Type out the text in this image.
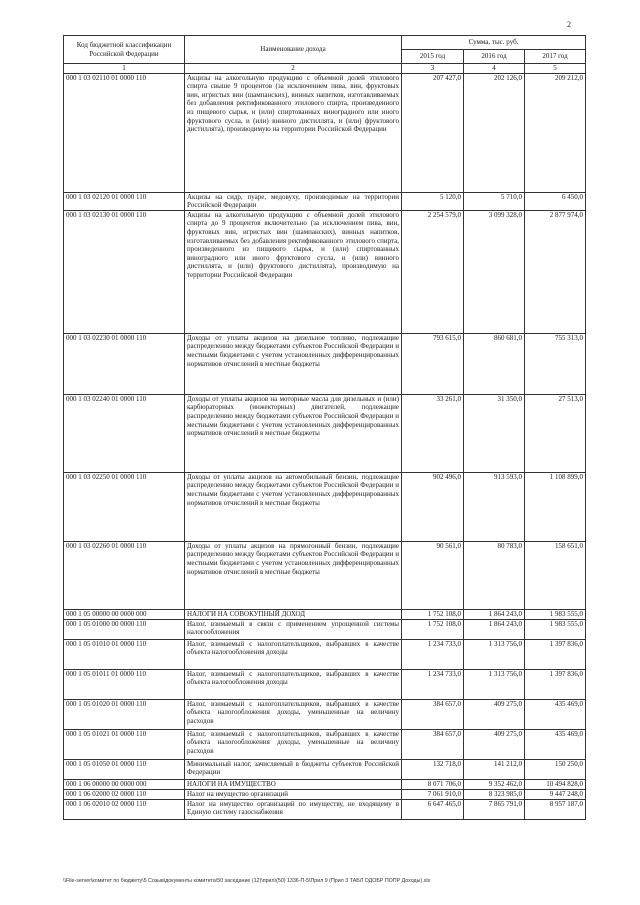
2
Код бюджетной классификации Российской Федерации	Наименование дохода	Сумма, тыс. руб.		
		2015 год	2016 год	2017 год
1	2	3	4	5
000 1 03 02110 01 0000 110	Акцизы на алкогольную продукцию с объемной долей этилового спирта свыше 9 процентов (за исключением пива, вин, фруктовых вин, игристых вин (шампанских), винных напитков, изготавливаемых без добавления ректификованного этилового спирта, произведенного из пищевого сырья, и (или) спиртованных виноградного или иного фруктового сусла, и (или) винного дистиллята, и (или) фруктового дистиллята), производимую на территории Российской Федерации	207 427,0	202 126,0	209 212,0
000 1 03 02120 01 0000 110	Акцизы на сидр, пуаре, медовуху, производимые на территории Российской Федерации	5 120,0	5 710,0	6 450,0
000 1 03 02130 01 0000 110	Акцизы на алкогольную продукцию с объемной долей этилового спирта до 9 процентов включительно (за исключением пива, вин, фруктовых вин, игристых вин (шампанских), винных напитков, изготавливаемых без добавления ректификованного этилового спирта, произведенного из пищевого сырья, и (или) спиртованных виноградного или иного фруктового сусла, и (или) винного дистиллята, и (или) фруктового дистиллята), производимую на территории Российской Федерации	2 254 579,0	3 099 328,0	2 877 974,0
000 1 03 02230 01 0000 110	Доходы от уплаты акцизов на дизельное топливо, подлежащие распределению между бюджетами субъектов Российской Федерации и местными бюджетами с учетом установленных дифференцированных нормативов отчислений в местные бюджеты	793 615,0	860 681,0	755 313,0
000 1 03 02240 01 0000 110	Доходы от уплаты акцизов на моторные масла для дизельных и (или) карбюраторных (инжекторных) двигателей, подлежащие распределению между бюджетами субъектов Российской Федерации и местными бюджетами с учетом установленных дифференцированных нормативов отчислений в местные бюджеты	33 261,0	31 350,0	27 513,0
000 1 03 02250 01 0000 110	Доходы от уплаты акцизов на автомобильный бензин, подлежащие распределению между бюджетами субъектов Российской Федерации и местными бюджетами с учетом установленных дифференцированных нормативов отчислений в местные бюджеты	902 496,0	913 593,0	1 108 899,0
000 1 03 02260 01 0000 110	Доходы от уплаты акцизов на прямогонный бензин, подлежащие распределению между бюджетами субъектов Российской Федерации и местными бюджетами с учетом установленных дифференцированных нормативов отчислений в местные бюджеты	90 561,0	80 783,0	158 651,0
000 1 05 00000 00 0000 000	НАЛОГИ НА СОВОКУПНЫЙ ДОХОД	1 752 108,0	1 864 243,0	1 983 555,0
000 1 05 01000 00 0000 110	Налог, взимаемый в связи с применением упрощенной системы налогообложения	1 752 108,0	1 864 243,0	1 983 555,0
000 1 05 01010 01 0000 110	Налог, взимаемый с налогоплательщиков, выбравших в качестве объекта налогообложения доходы	1 234 733,0	1 313 756,0	1 397 836,0
000 1 05 01011 01 0000 110	Налог, взимаемый с налогоплательщиков, выбравших в качестве объекта налогообложения доходы	1 234 733,0	1 313 756,0	1 397 836,0
000 1 05 01020 01 0000 110	Налог, взимаемый с налогоплательщиков, выбравших в качестве объекта налогообложения доходы, уменьшенные на величину расходов	384 657,0	409 275,0	435 469,0
000 1 05 01021 01 0000 110	Налог, взимаемый с налогоплательщиков, выбравших в качестве объекта налогообложения доходы, уменьшенные на величину расходов	384 657,0	409 275,0	435 469,0
000 1 05 01050 01 0000 110	Минимальный налог, зачисляемый в бюджеты субъектов Российской Федерации	132 718,0	141 212,0	150 250,0
000 1 06 00000 00 0000 000	НАЛОГИ НА ИМУЩЕСТВО	8 071 706,0	9 352 462,0	10 494 828,0
000 1 06 02000 02 0000 110	Налог на имущество организаций	7 061 910,0	8 323 985,0	9 447 248,0
000 1 06 02010 02 0000 110	Налог на имущество организаций по имуществу, не входящему в Единую систему газоснабжения	6 647 465,0	7 865 791,0	8 957 187,0
\\File-server\комитет по бюджету\5 Созыв\документы комитета\50 заседание (12)\прил\(50) 1336-П-5\Прил 9 (Прил 3 ТАБЛ ОДОБР ПОПР Доходы).xls
